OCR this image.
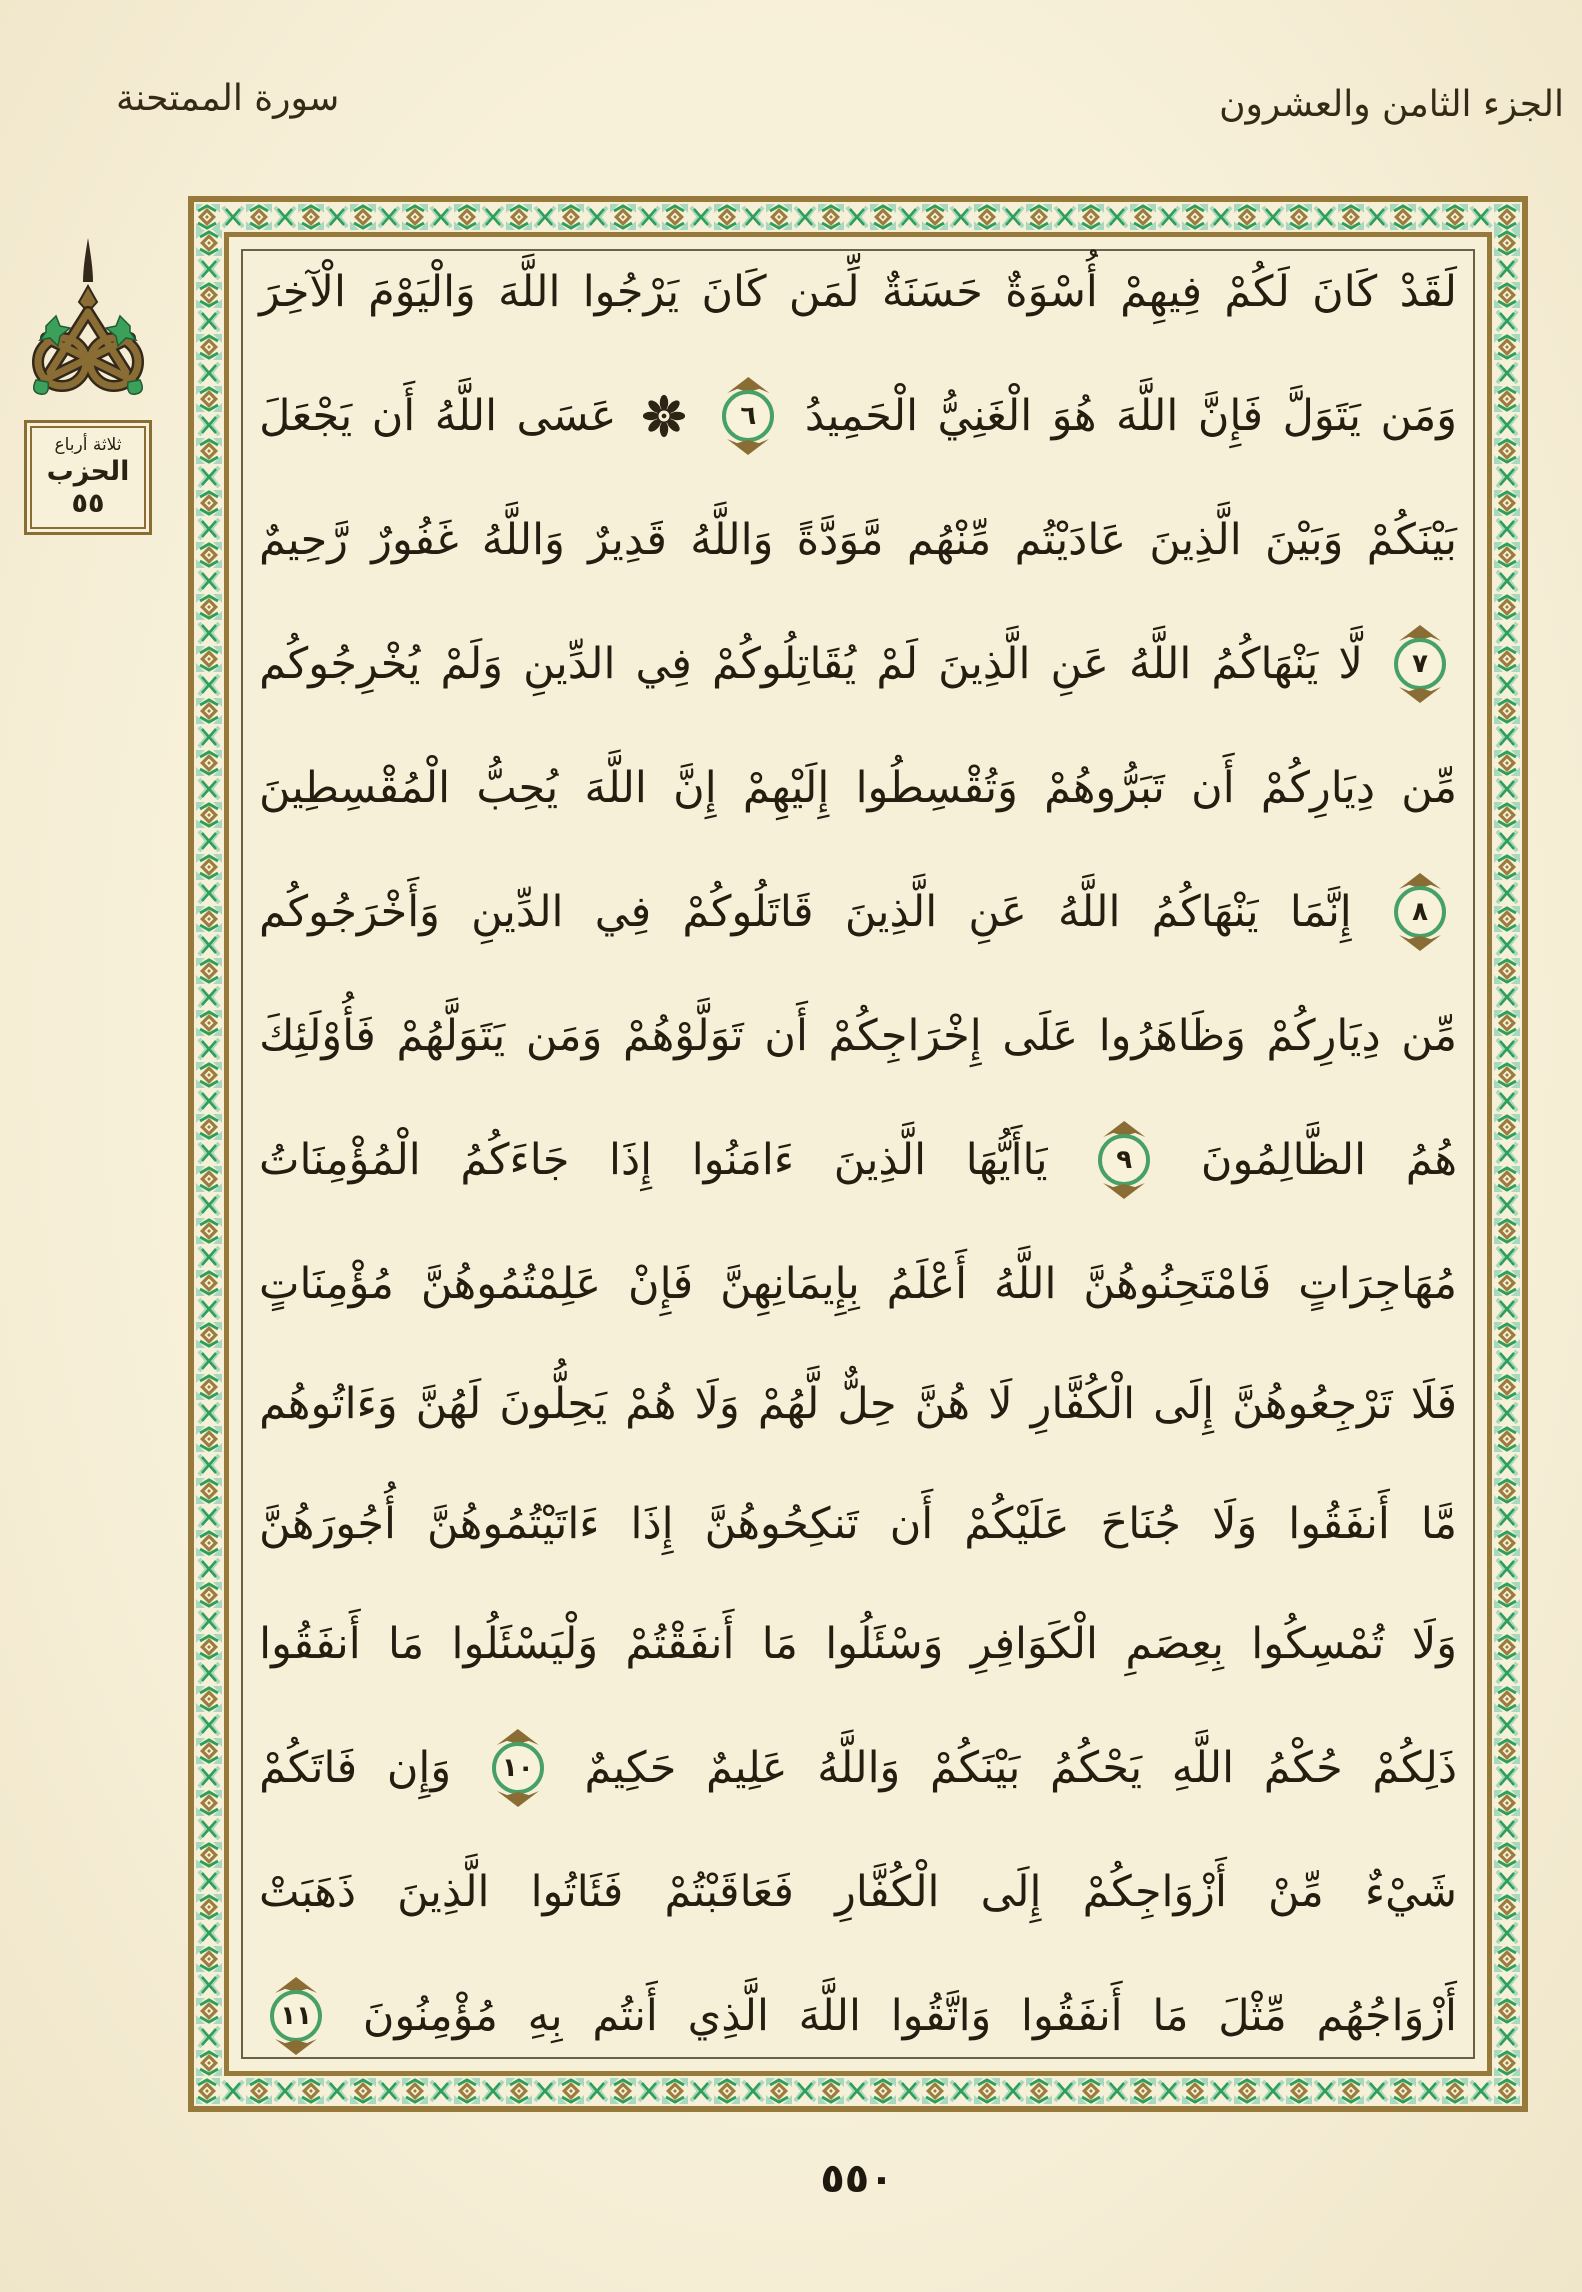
سورة الممتحنة	الجزء الثامن والعشرون
ثلاثة أرباع
الحزب
٥٥
لَقَدْ
كَانَ
لَكُمْ
فِيهِمْ
أُسْوَةٌ
حَسَنَةٌ
لِّمَن
كَانَ
يَرْجُوا
اللَّهَ
وَالْيَوْمَ
الْآخِرَ
وَمَن
يَتَوَلَّ
فَإِنَّ
اللَّهَ
هُوَ
الْغَنِيُّ
الْحَمِيدُ
٦
عَسَى
اللَّهُ
أَن
يَجْعَلَ
بَيْنَكُمْ
وَبَيْنَ
الَّذِينَ
عَادَيْتُم
مِّنْهُم
مَّوَدَّةً
وَاللَّهُ
قَدِيرٌ
وَاللَّهُ
غَفُورٌ
رَّحِيمٌ
٧
لَّا
يَنْهَاكُمُ
اللَّهُ
عَنِ
الَّذِينَ
لَمْ
يُقَاتِلُوكُمْ
فِي
الدِّينِ
وَلَمْ
يُخْرِجُوكُم
مِّن
دِيَارِكُمْ
أَن
تَبَرُّوهُمْ
وَتُقْسِطُوا
إِلَيْهِمْ
إِنَّ
اللَّهَ
يُحِبُّ
الْمُقْسِطِينَ
٨
إِنَّمَا
يَنْهَاكُمُ
اللَّهُ
عَنِ
الَّذِينَ
قَاتَلُوكُمْ
فِي
الدِّينِ
وَأَخْرَجُوكُم
مِّن
دِيَارِكُمْ
وَظَاهَرُوا
عَلَى
إِخْرَاجِكُمْ
أَن
تَوَلَّوْهُمْ
وَمَن
يَتَوَلَّهُمْ
فَأُوْلَئِكَ
هُمُ
الظَّالِمُونَ
٩
يَاأَيُّهَا
الَّذِينَ
ءَامَنُوا
إِذَا
جَاءَكُمُ
الْمُؤْمِنَاتُ
مُهَاجِرَاتٍ
فَامْتَحِنُوهُنَّ
اللَّهُ
أَعْلَمُ
بِإِيمَانِهِنَّ
فَإِنْ
عَلِمْتُمُوهُنَّ
مُؤْمِنَاتٍ
فَلَا
تَرْجِعُوهُنَّ
إِلَى
الْكُفَّارِ
لَا
هُنَّ
حِلٌّ
لَّهُمْ
وَلَا
هُمْ
يَحِلُّونَ
لَهُنَّ
وَءَاتُوهُم
مَّا
أَنفَقُوا
وَلَا
جُنَاحَ
عَلَيْكُمْ
أَن
تَنكِحُوهُنَّ
إِذَا
ءَاتَيْتُمُوهُنَّ
أُجُورَهُنَّ
وَلَا
تُمْسِكُوا
بِعِصَمِ
الْكَوَافِرِ
وَسْئَلُوا
مَا
أَنفَقْتُمْ
وَلْيَسْئَلُوا
مَا
أَنفَقُوا
ذَلِكُمْ
حُكْمُ
اللَّهِ
يَحْكُمُ
بَيْنَكُمْ
وَاللَّهُ
عَلِيمٌ
حَكِيمٌ
١٠
وَإِن
فَاتَكُمْ
شَيْءٌ
مِّنْ
أَزْوَاجِكُمْ
إِلَى
الْكُفَّارِ
فَعَاقَبْتُمْ
فَئَاتُوا
الَّذِينَ
ذَهَبَتْ
أَزْوَاجُهُم
مِّثْلَ
مَا
أَنفَقُوا
وَاتَّقُوا
اللَّهَ
الَّذِي
أَنتُم
بِهِ
مُؤْمِنُونَ
١١
٥٥٠
